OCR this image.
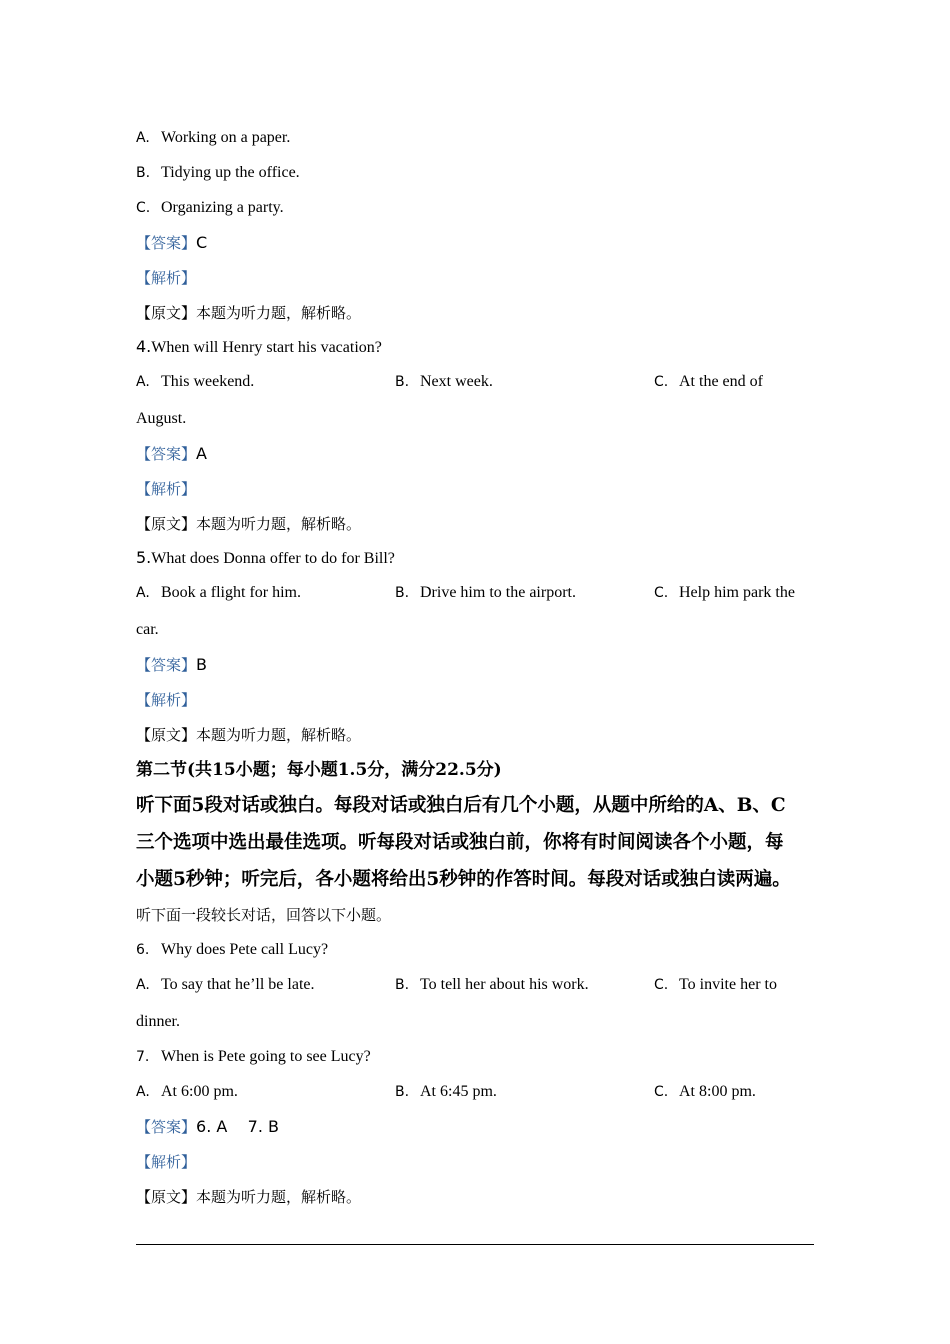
A. Working on a paper.
B. Tidying up the office.
C. Organizing a party.
【答案】C
【解析】
【原文】本题为听力题，解析略。
4.When will Henry start his vacation?
A. This weekend.	B. Next week.	C. At the end of
August.
【答案】A
【解析】
【原文】本题为听力题，解析略。
5.What does Donna offer to do for Bill?
A. Book a flight for him.	B. Drive him to the airport.	C. Help him park the
car.
【答案】B
【解析】
【原文】本题为听力题，解析略。
第二节(共15小题；每小题1.5分，满分22.5分)
听下面5段对话或独白。每段对话或独白后有几个小题，从题中所给的A、B、C
三个选项中选出最佳选项。听每段对话或独白前，你将有时间阅读各个小题，每
小题5秒钟；听完后，各小题将给出5秒钟的作答时间。每段对话或独白读两遍。
听下面一段较长对话，回答以下小题。
6. Why does Pete call Lucy?
A. To say that he’ll be late.	B. To tell her about his work.	C. To invite her to
dinner.
7. When is Pete going to see Lucy?
A. At 6:00 pm.	B. At 6:45 pm.	C. At 8:00 pm.
【答案】6. A    7. B
【解析】
【原文】本题为听力题，解析略。
